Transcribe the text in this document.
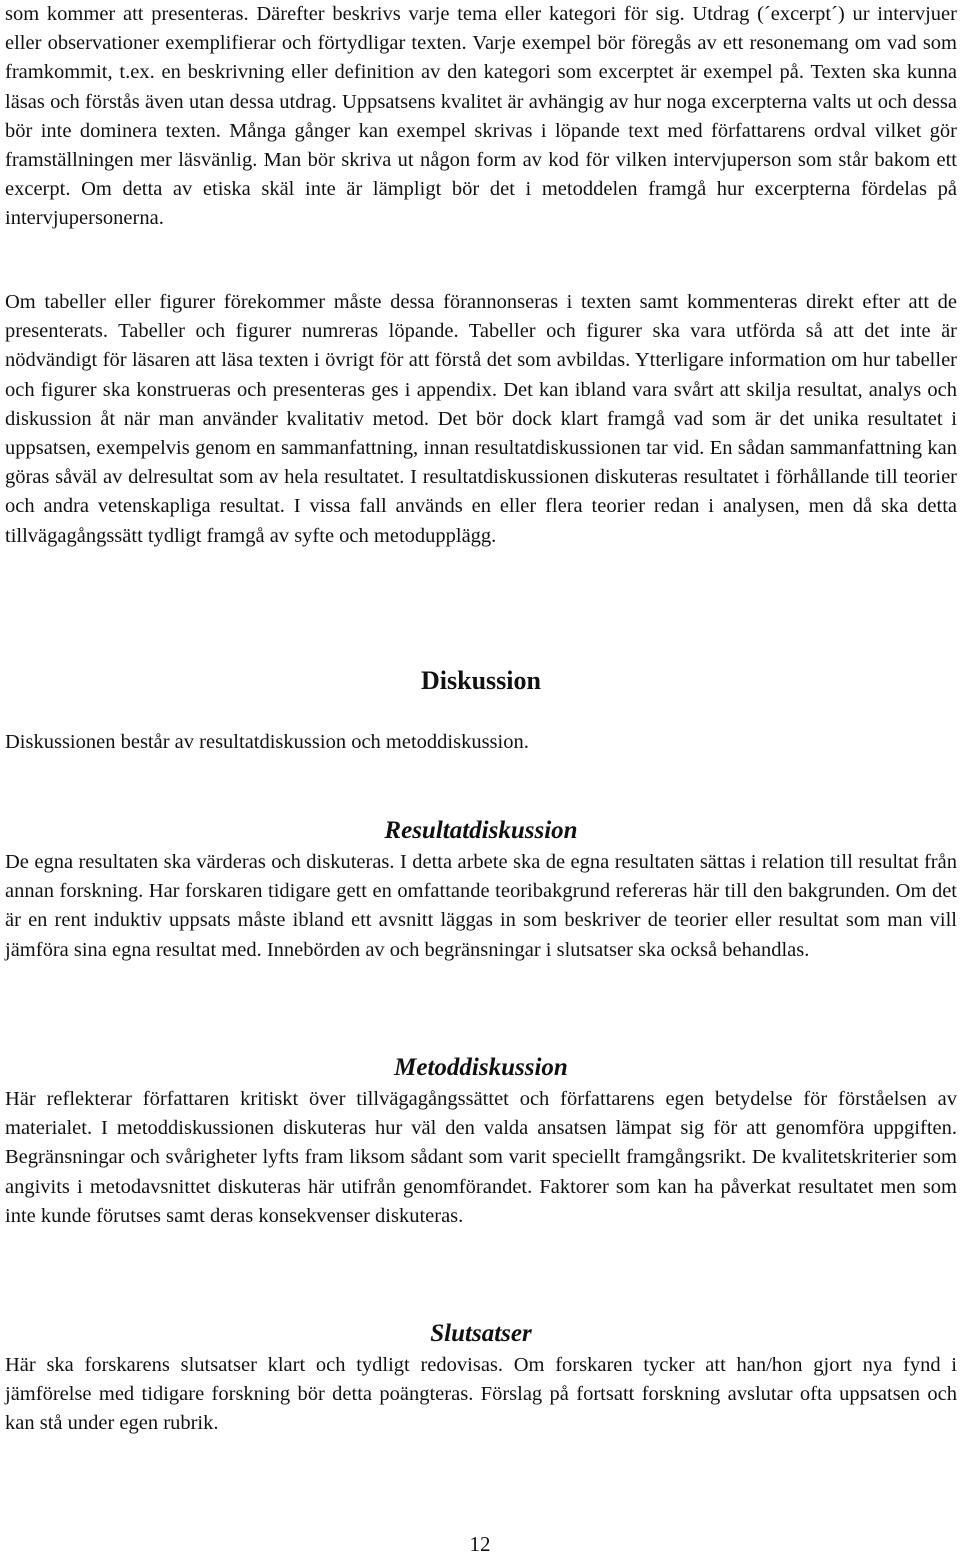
som kommer att presenteras. Därefter beskrivs varje tema eller kategori för sig. Utdrag (´excerpt´) ur intervjuer eller observationer exemplifierar och förtydligar texten. Varje exempel bör föregås av ett resonemang om vad som framkommit, t.ex. en beskrivning eller definition av den kategori som excerptet är exempel på. Texten ska kunna läsas och förstås även utan dessa utdrag. Uppsatsens kvalitet är avhängig av hur noga excerpterna valts ut och dessa bör inte dominera texten. Många gånger kan exempel skrivas i löpande text med författarens ordval vilket gör framställningen mer läsvänlig. Man bör skriva ut någon form av kod för vilken intervjuperson som står bakom ett excerpt. Om detta av etiska skäl inte är lämpligt bör det i metoddelen framgå hur excerpterna fördelas på intervjupersonerna.

Om tabeller eller figurer förekommer måste dessa förannonseras i texten samt kommenteras direkt efter att de presenterats. Tabeller och figurer numreras löpande. Tabeller och figurer ska vara utförda så att det inte är nödvändigt för läsaren att läsa texten i övrigt för att förstå det som avbildas. Ytterligare information om hur tabeller och figurer ska konstrueras och presenteras ges i appendix. Det kan ibland vara svårt att skilja resultat, analys och diskussion åt när man använder kvalitativ metod. Det bör dock klart framgå vad som är det unika resultatet i uppsatsen, exempelvis genom en sammanfattning, innan resultatdiskussionen tar vid. En sådan sammanfattning kan göras såväl av delresultat som av hela resultatet. I resultatdiskussionen diskuteras resultatet i förhållande till teorier och andra vetenskapliga resultat. I vissa fall används en eller flera teorier redan i analysen, men då ska detta tillvägagångssätt tydligt framgå av syfte och metodupplägg.

Diskussion

Diskussionen består av resultatdiskussion och metoddiskussion.

Resultatdiskussion

De egna resultaten ska värderas och diskuteras. I detta arbete ska de egna resultaten sättas i relation till resultat från annan forskning. Har forskaren tidigare gett en omfattande teoribakgrund refereras här till den bakgrunden. Om det är en rent induktiv uppsats måste ibland ett avsnitt läggas in som beskriver de teorier eller resultat som man vill jämföra sina egna resultat med. Innebörden av och begränsningar i slutsatser ska också behandlas.

Metoddiskussion

Här reflekterar författaren kritiskt över tillvägagångssättet och författarens egen betydelse för förståelsen av materialet. I metoddiskussionen diskuteras hur väl den valda ansatsen lämpat sig för att genomföra uppgiften. Begränsningar och svårigheter lyfts fram liksom sådant som varit speciellt framgångsrikt. De kvalitetskriterier som angivits i metodavsnittet diskuteras här utifrån genomförandet. Faktorer som kan ha påverkat resultatet men som inte kunde förutses samt deras konsekvenser diskuteras.

Slutsatser

Här ska forskarens slutsatser klart och tydligt redovisas. Om forskaren tycker att han/hon gjort nya fynd i jämförelse med tidigare forskning bör detta poängteras. Förslag på fortsatt forskning avslutar ofta uppsatsen och kan stå under egen rubrik.

12
